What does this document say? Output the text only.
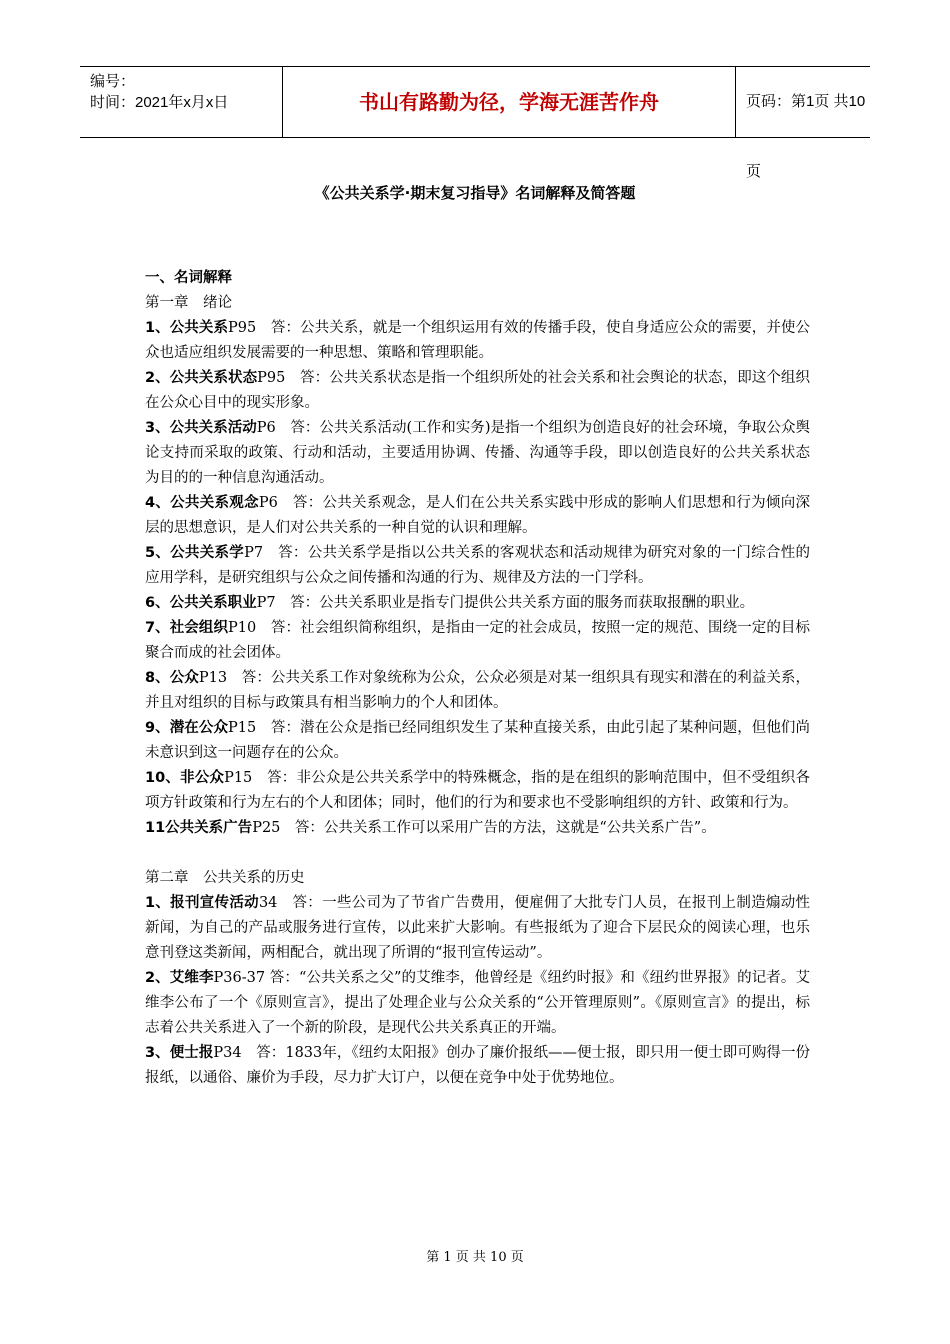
编号：
时间：2021年x月x日	书山有路勤为径，学海无涯苦作舟	页码：第1页 共10页
《公共关系学·期末复习指导》名词解释及简答题
一、名词解释
第一章　绪论

1、公共关系P95　答：公共关系，就是一个组织运用有效的传播手段，使自身适应公众的需要，并使公众也适应组织发展需要的一种思想、策略和管理职能。

2、公共关系状态P95　答：公共关系状态是指一个组织所处的社会关系和社会舆论的状态，即这个组织在公众心目中的现实形象。

3、公共关系活动P6　答：公共关系活动(工作和实务)是指一个组织为创造良好的社会环境，争取公众舆论支持而采取的政策、行动和活动，主要适用协调、传播、沟通等手段，即以创造良好的公共关系状态为目的的一种信息沟通活动。

4、公共关系观念P6　答：公共关系观念，是人们在公共关系实践中形成的影响人们思想和行为倾向深层的思想意识，是人们对公共关系的一种自觉的认识和理解。

5、公共关系学P7　答：公共关系学是指以公共关系的客观状态和活动规律为研究对象的一门综合性的应用学科，是研究组织与公众之间传播和沟通的行为、规律及方法的一门学科。

6、公共关系职业P7　答：公共关系职业是指专门提供公共关系方面的服务而获取报酬的职业。

7、社会组织P10　答：社会组织简称组织，是指由一定的社会成员，按照一定的规范、围绕一定的目标聚合而成的社会团体。

8、公众P13　答：公共关系工作对象统称为公众，公众必须是对某一组织具有现实和潜在的利益关系，并且对组织的目标与政策具有相当影响力的个人和团体。

9、潜在公众P15　答：潜在公众是指已经同组织发生了某种直接关系，由此引起了某种问题，但他们尚未意识到这一问题存在的公众。

10、非公众P15　答：非公众是公共关系学中的特殊概念，指的是在组织的影响范围中，但不受组织各项方针政策和行为左右的个人和团体；同时，他们的行为和要求也不受影响组织的方针、政策和行为。

11公共关系广告P25　答：公共关系工作可以采用广告的方法，这就是“公共关系广告”。

第二章　公共关系的历史

1、报刊宣传活动34　答：一些公司为了节省广告费用，便雇佣了大批专门人员，在报刊上制造煽动性新闻，为自己的产品或服务进行宣传，以此来扩大影响。有些报纸为了迎合下层民众的阅读心理，也乐意刊登这类新闻，两相配合，就出现了所谓的“报刊宣传运动”。

2、艾维李P36-37 答：“公共关系之父”的艾维李，他曾经是《纽约时报》和《纽约世界报》的记者。艾维李公布了一个《原则宣言》，提出了处理企业与公众关系的“公开管理原则”。《原则宣言》的提出，标志着公共关系进入了一个新的阶段，是现代公共关系真正的开端。

3、便士报P34　答：1833年，《纽约太阳报》创办了廉价报纸——便士报，即只用一便士即可购得一份报纸，以通俗、廉价为手段，尽力扩大订户，以便在竞争中处于优势地位。

第 1 页 共 10 页
